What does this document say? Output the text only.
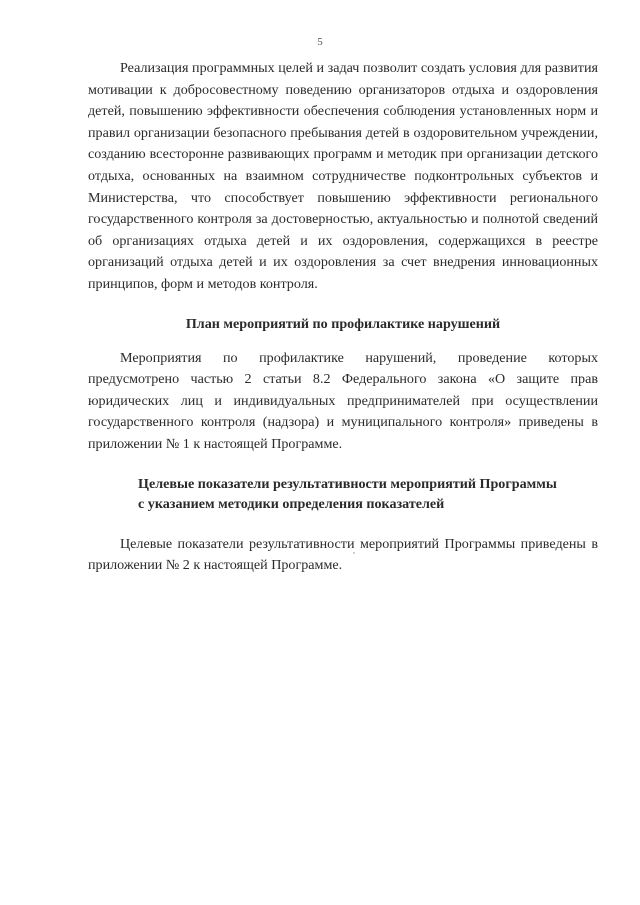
5

Реализация программных целей и задач позволит создать условия для развития мотивации к добросовестному поведению организаторов отдыха и оздоровления детей, повышению эффективности обеспечения соблюдения установленных норм и правил организации безопасного пребывания детей в оздоровительном учреждении, созданию всесторонне развивающих программ и методик при организации детского отдыха, основанных на взаимном сотрудничестве подконтрольных субъектов и Министерства, что способствует повышению эффективности регионального государственного контроля за достоверностью, актуальностью и полнотой сведений об организациях отдыха детей и их оздоровления, содержащихся в реестре организаций отдыха детей и их оздоровления за счет внедрения инновационных принципов, форм и методов контроля.

План мероприятий по профилактике нарушений

Мероприятия по профилактике нарушений, проведение которых предусмотрено частью 2 статьи 8.2 Федерального закона «О защите прав юридических лиц и индивидуальных предпринимателей при осуществлении государственного контроля (надзора) и муниципального контроля» приведены в приложении № 1 к настоящей Программе.

Целевые показатели результативности мероприятий Программы
с указанием методики определения показателей

Целевые показатели результативности мероприятий Программы приведены в приложении № 2 к настоящей Программе.
